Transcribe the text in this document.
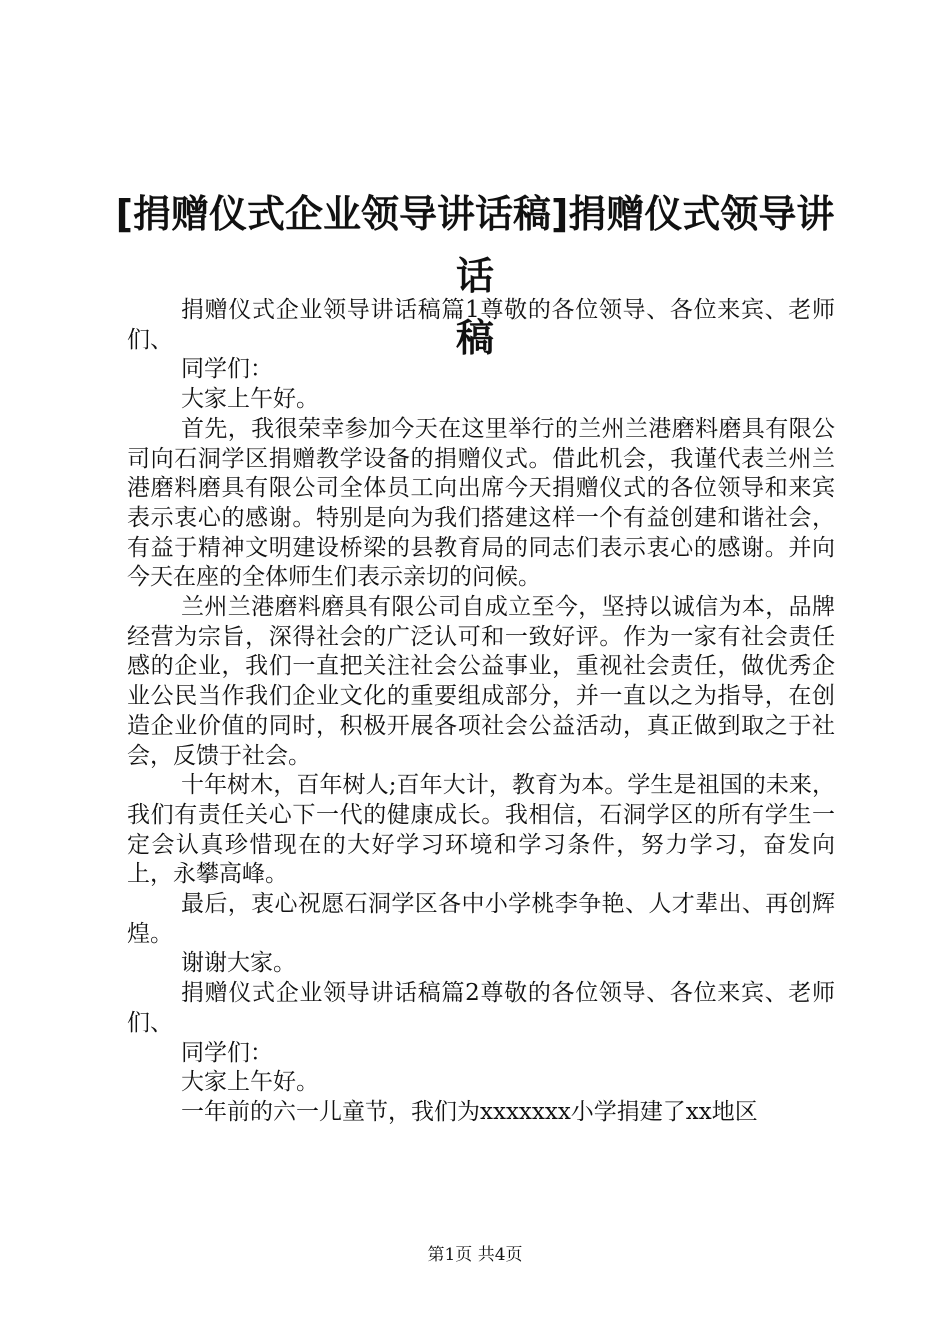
[捐赠仪式企业领导讲话稿]捐赠仪式领导讲话
稿

捐赠仪式企业领导讲话稿篇1尊敬的各位领导、各位来宾、老师们、

同学们：

大家上午好。

首先，我很荣幸参加今天在这里举行的兰州兰港磨料磨具有限公司向石洞学区捐赠教学设备的捐赠仪式。借此机会，我谨代表兰州兰港磨料磨具有限公司全体员工向出席今天捐赠仪式的各位领导和来宾表示衷心的感谢。特别是向为我们搭建这样一个有益创建和谐社会，有益于精神文明建设桥梁的县教育局的同志们表示衷心的感谢。并向今天在座的全体师生们表示亲切的问候。

兰州兰港磨料磨具有限公司自成立至今，坚持以诚信为本，品牌经营为宗旨，深得社会的广泛认可和一致好评。作为一家有社会责任感的企业，我们一直把关注社会公益事业，重视社会责任，做优秀企业公民当作我们企业文化的重要组成部分，并一直以之为指导，在创造企业价值的同时，积极开展各项社会公益活动，真正做到取之于社会，反馈于社会。

十年树木，百年树人;百年大计，教育为本。学生是祖国的未来，我们有责任关心下一代的健康成长。我相信，石洞学区的所有学生一定会认真珍惜现在的大好学习环境和学习条件，努力学习，奋发向上，永攀高峰。

最后，衷心祝愿石洞学区各中小学桃李争艳、人才辈出、再创辉煌。

谢谢大家。

捐赠仪式企业领导讲话稿篇2尊敬的各位领导、各位来宾、老师们、

同学们：

大家上午好。

一年前的六一儿童节，我们为xxxxxxx小学捐建了xx地区

第1页 共4页
